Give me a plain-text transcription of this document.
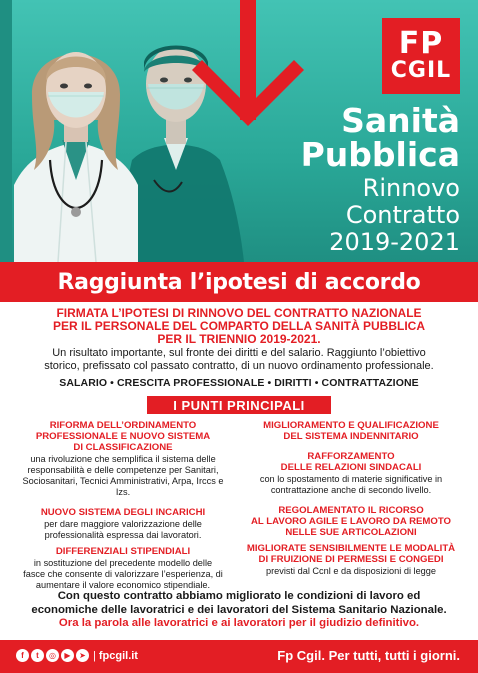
FP
CGIL
Sanità
Pubblica
Rinnovo
Contratto
2019-2021
Raggiunta l’ipotesi di accordo
FIRMATA L’IPOTESI DI RINNOVO DEL CONTRATTO NAZIONALE
PER IL PERSONALE DEL COMPARTO DELLA SANITÀ PUBBLICA
PER IL TRIENNIO 2019-2021.
Un risultato importante, sul fronte dei diritti e del salario. Raggiunto l’obiettivo
storico, prefissato col passato contratto, di un nuovo ordinamento professionale.
SALARIO • CRESCITA PROFESSIONALE • DIRITTI • CONTRATTAZIONE
I PUNTI PRINCIPALI
RIFORMA DELL’ORDINAMENTO
PROFESSIONALE E NUOVO SISTEMA
DI CLASSIFICAZIONE
una rivoluzione che semplifica il sistema delle
responsabilità e delle competenze per Sanitari,
Sociosanitari, Tecnici Amministrativi, Arpa, Irccs e Izs.
NUOVO SISTEMA DEGLI INCARICHI
per dare maggiore valorizzazione delle
professionalità espressa dai lavoratori.
DIFFERENZIALI STIPENDIALI
in sostituzione del precedente modello delle
fasce che consente di valorizzare l’esperienza, di
aumentare il valore economico stipendiale.
MIGLIORAMENTO E QUALIFICAZIONE
DEL SISTEMA INDENNITARIO
RAFFORZAMENTO
DELLE RELAZIONI SINDACALI
con lo spostamento di materie significative in
contrattazione anche di secondo livello.
REGOLAMENTATO IL RICORSO
AL LAVORO AGILE E LAVORO DA REMOTO
NELLE SUE ARTICOLAZIONI
MIGLIORATE SENSIBILMENTE LE MODALITÀ
DI FRUIZIONE DI PERMESSI E CONGEDI
previsti dal Ccnl e da disposizioni di legge
Con questo contratto abbiamo migliorato le condizioni di lavoro ed
economiche delle lavoratrici e dei lavoratori del Sistema Sanitario Nazionale.
Ora la parola alle lavoratrici e ai lavoratori per il giudizio definitivo.
f	t	◎	▶	➤ | fpcgil.it	Fp Cgil. Per tutti, tutti i giorni.
